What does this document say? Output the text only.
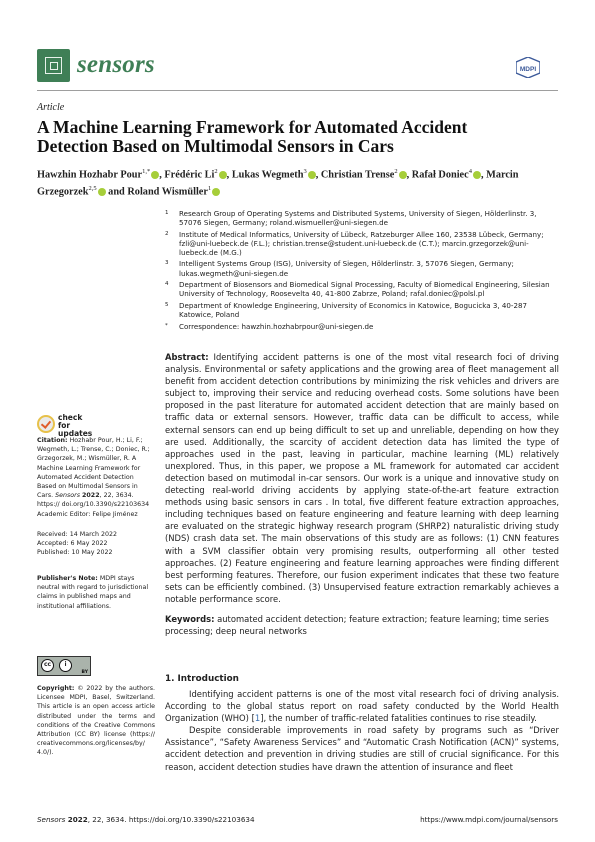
sensors	MDPI
Article
A Machine Learning Framework for Automated Accident Detection Based on Multimodal Sensors in Cars
Hawzhin Hozhabr Pour$^{1,*}$ , Frédéric Li$^2$ , Lukas Wegmeth$^3$ , Christian Trense$^2$ , Rafał Doniec$^4$ , Marcin Grzegorzek$^{2,5}$ and Roland Wismüller$^1$
1	Research Group of Operating Systems and Distributed Systems, University of Siegen, Hölderlinstr. 3, 57076 Siegen, Germany; roland.wismueller@uni-siegen.de
2	Institute of Medical Informatics, University of Lübeck, Ratzeburger Allee 160, 23538 Lübeck, Germany; fzli@uni-luebeck.de (F.L.); christian.trense@student.uni-luebeck.de (C.T.); marcin.grzegorzek@uni-luebeck.de (M.G.)
3	Intelligent Systems Group (ISG), University of Siegen, Hölderlinstr. 3, 57076 Siegen, Germany; lukas.wegmeth@uni-siegen.de
4	Department of Biosensors and Biomedical Signal Processing, Faculty of Biomedical Engineering, Silesian University of Technology, Roosevelta 40, 41-800 Zabrze, Poland; rafal.doniec@polsl.pl
5	Department of Knowledge Engineering, University of Economics in Katowice, Bogucicka 3, 40-287 Katowice, Poland
*	Correspondence: hawzhin.hozhabrpour@uni-siegen.de
Abstract: Identifying accident patterns is one of the most vital research foci of driving analysis. Environmental or safety applications and the growing area of fleet management all benefit from accident detection contributions by minimizing the risk vehicles and drivers are subject to, improving their service and reducing overhead costs. Some solutions have been proposed in the past literature for automated accident detection that are mainly based on traffic data or external sensors. However, traffic data can be difficult to access, while external sensors can end up being difficult to set up and unreliable, depending on how they are used. Additionally, the scarcity of accident detection data has limited the type of approaches used in the past, leaving in particular, machine learning (ML) relatively unexplored. Thus, in this paper, we propose a ML framework for automated car accident detection based on mutimodal in-car sensors. Our work is a unique and innovative study on detecting real-world driving accidents by applying state-of-the-art feature extraction methods using basic sensors in cars . In total, five different feature extraction approaches, including techniques based on feature engineering and feature learning with deep learning are evaluated on the strategic highway research program (SHRP2) naturalistic driving study (NDS) crash data set. The main observations of this study are as follows: (1) CNN features with a SVM classifier obtain very promising results, outperforming all other tested approaches. (2) Feature engineering and feature learning approaches were finding different best performing features. Therefore, our fusion experiment indicates that these two feature sets can be efficiently combined. (3) Unsupervised feature extraction remarkably achieves a notable performance score.
Keywords: automated accident detection; feature extraction; feature learning; time series processing; deep neural networks
1. Introduction

Identifying accident patterns is one of the most vital research foci of driving analysis. According to the global status report on road safety conducted by the World Health Organization (WHO) [1], the number of traffic-related fatalities continues to rise steadily.

Despite considerable improvements in road safety by programs such as “Driver Assistance”, “Safety Awareness Services” and “Automatic Crash Notification (ACN)” systems, accident detection and prevention in driving studies are still of crucial significance. For this reason, accident detection studies have drawn the attention of insurance and fleet

check for updates
Citation: Hozhabr Pour, H.; Li, F.; Wegmeth, L.; Trense, C.; Doniec, R.; Grzegorzek, M.; Wismüller, R. A Machine Learning Framework for Automated Accident Detection Based on Multimodal Sensors in Cars. Sensors 2022, 22, 3634. https:// doi.org/10.3390/s22103634
Academic Editor: Felipe Jiménez
Received: 14 March 2022
Accepted: 6 May 2022
Published: 10 May 2022
Publisher's Note: MDPI stays neutral with regard to jurisdictional claims in published maps and institutional affiliations.
cc	i
BY
Copyright: © 2022 by the authors. Licensee MDPI, Basel, Switzerland. This article is an open access article distributed under the terms and conditions of the Creative Commons Attribution (CC BY) license (https:// creativecommons.org/licenses/by/ 4.0/).
Sensors 2022, 22, 3634. https://doi.org/10.3390/s22103634	https://www.mdpi.com/journal/sensors
